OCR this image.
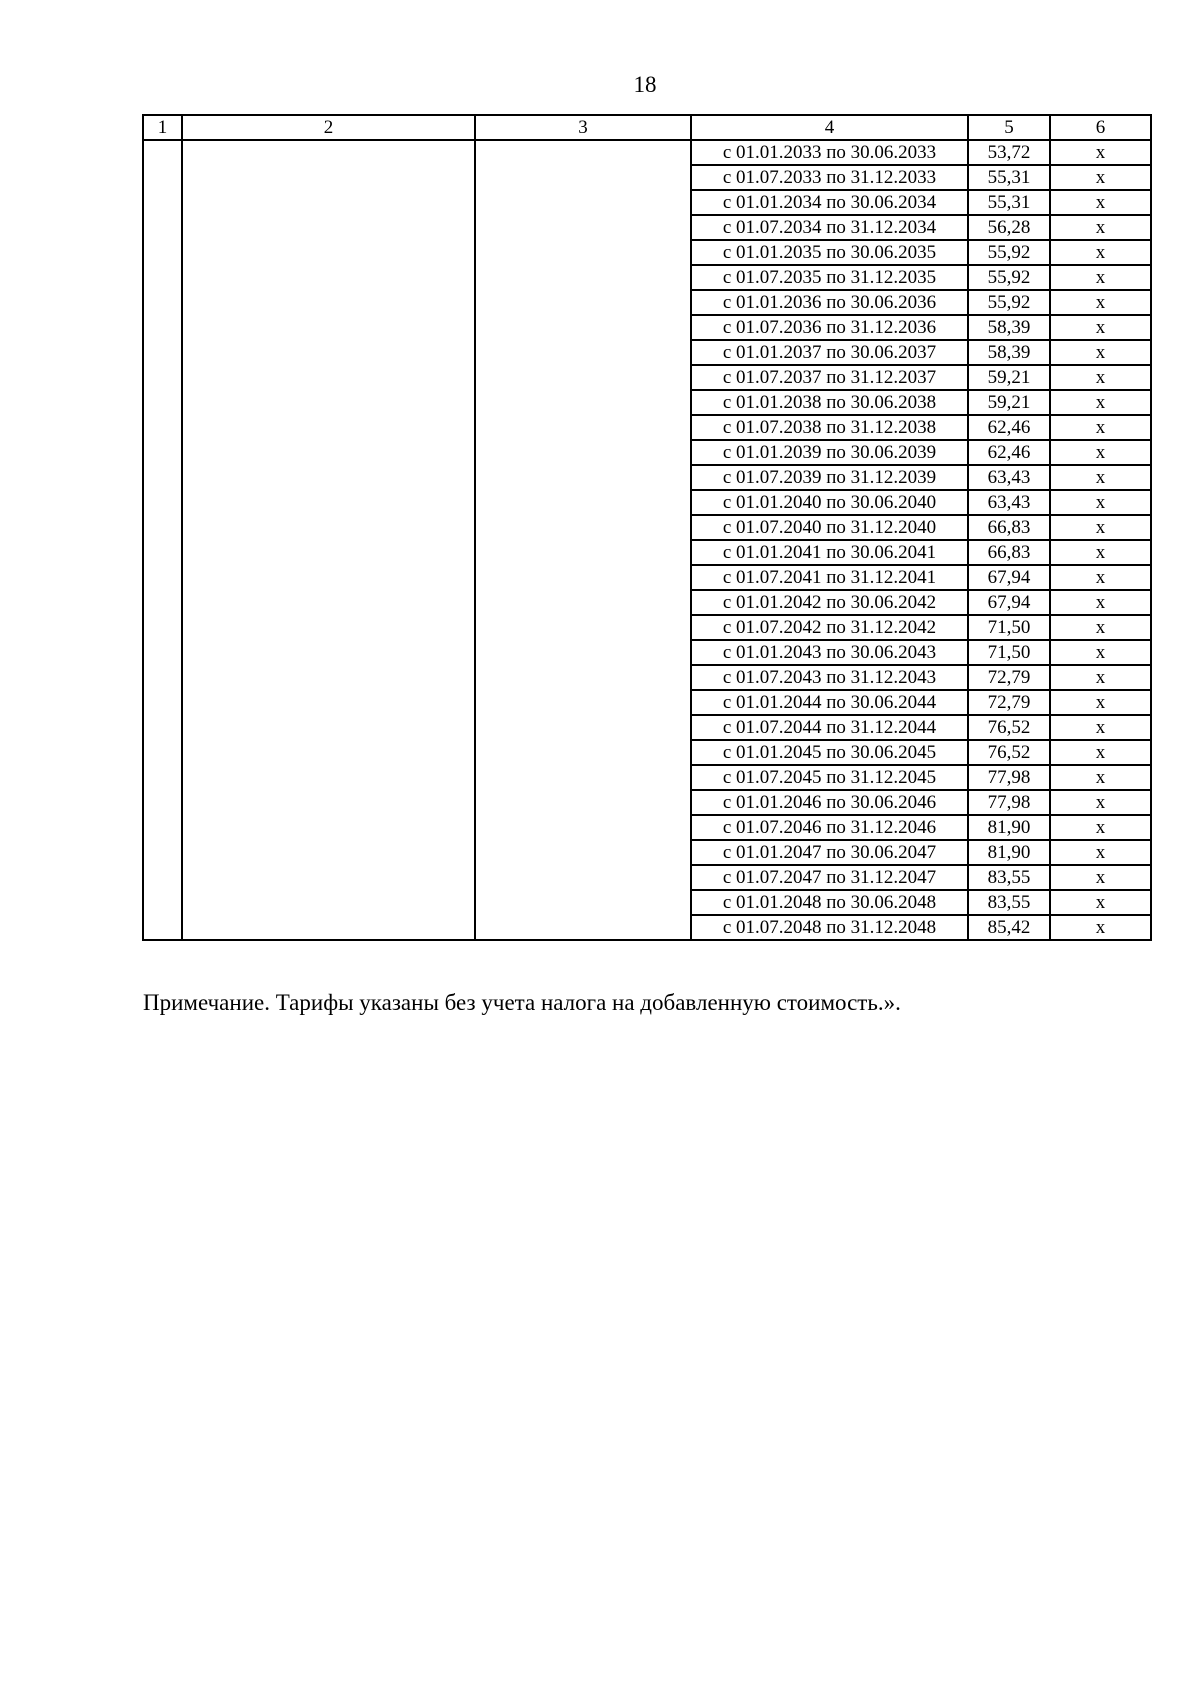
18
1	2	3	4	5	6
			с 01.01.2033 по 30.06.2033	53,72	х
			с 01.07.2033 по 31.12.2033	55,31	х
			с 01.01.2034 по 30.06.2034	55,31	х
			с 01.07.2034 по 31.12.2034	56,28	х
			с 01.01.2035 по 30.06.2035	55,92	х
			с 01.07.2035 по 31.12.2035	55,92	х
			с 01.01.2036 по 30.06.2036	55,92	х
			с 01.07.2036 по 31.12.2036	58,39	х
			с 01.01.2037 по 30.06.2037	58,39	х
			с 01.07.2037 по 31.12.2037	59,21	х
			с 01.01.2038 по 30.06.2038	59,21	х
			с 01.07.2038 по 31.12.2038	62,46	х
			с 01.01.2039 по 30.06.2039	62,46	х
			с 01.07.2039 по 31.12.2039	63,43	х
			с 01.01.2040 по 30.06.2040	63,43	х
			с 01.07.2040 по 31.12.2040	66,83	х
			с 01.01.2041 по 30.06.2041	66,83	х
			с 01.07.2041 по 31.12.2041	67,94	х
			с 01.01.2042 по 30.06.2042	67,94	х
			с 01.07.2042 по 31.12.2042	71,50	х
			с 01.01.2043 по 30.06.2043	71,50	х
			с 01.07.2043 по 31.12.2043	72,79	х
			с 01.01.2044 по 30.06.2044	72,79	х
			с 01.07.2044 по 31.12.2044	76,52	х
			с 01.01.2045 по 30.06.2045	76,52	х
			с 01.07.2045 по 31.12.2045	77,98	х
			с 01.01.2046 по 30.06.2046	77,98	х
			с 01.07.2046 по 31.12.2046	81,90	х
			с 01.01.2047 по 30.06.2047	81,90	х
			с 01.07.2047 по 31.12.2047	83,55	х
			с 01.01.2048 по 30.06.2048	83,55	х
			с 01.07.2048 по 31.12.2048	85,42	х
Примечание. Тарифы указаны без учета налога на добавленную стоимость.».
